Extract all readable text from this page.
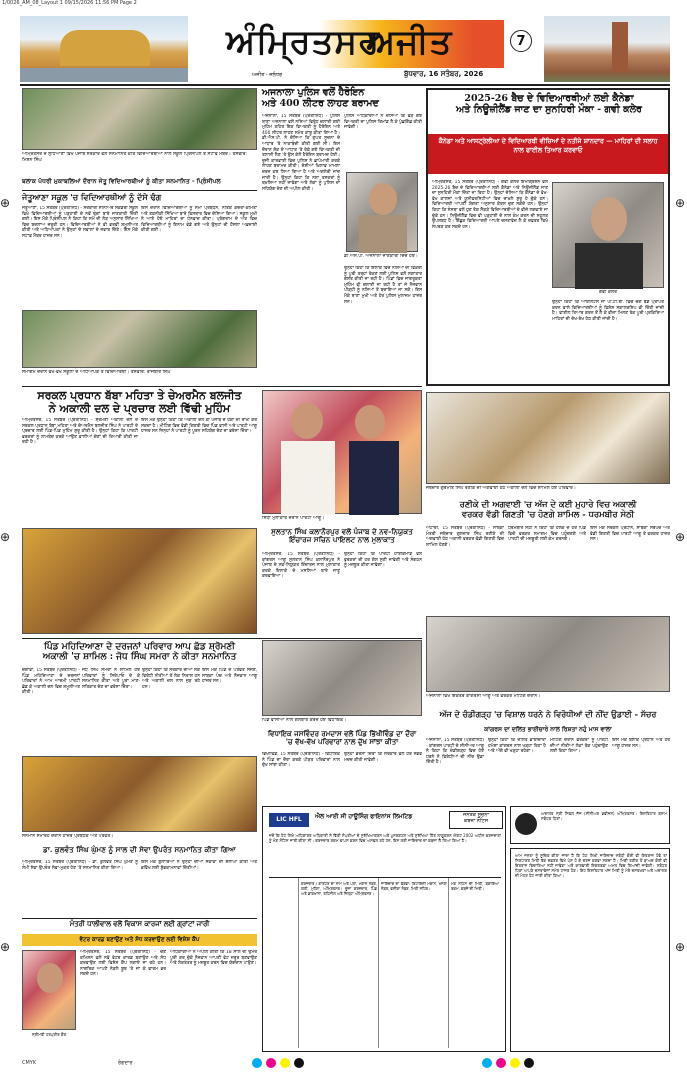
1/0026_AM_08_Layout 1 09/15/2026 11:56 PM Page 2
⊕
⊕
⊕
⊕
⊕
⊕
ਅੰਮ੍ਰਿਤਸਰ
ਅਜੀਤ	7
ਅਜੀਤ - ਜਲੰਧਰ	ਬੁੱਧਵਾਰ, 16 ਸਤੰਬਰ, 2026
ਅੰਮ੍ਰਿਤਸਰ ਦੇ ਲੁਧਿਆਣਾ ਵਿਖੇ ਪੰਜਾਬ ਸਰਕਾਰ ਵਲੋਂ ਸਨਮਾਨਿਤ ਕੀਤੇ ਵਿਦਿਆਰਥੀਆਂ ਨਾਲ ਸਕੂਲ ਪ੍ਰਿੰਸੀਪਲ ਤੇ ਸਟਾਫ ਮੈਂਬਰ। ਤਸਵੀਰ: ਮਿਸ਼ਨ ਸਿੰਘ
ਬਲਾਕ ਪੱਧਰੀ ਮੁਕਾਬਲਿਆਂ ਦੌਰਾਨ ਜੇਤੂ ਵਿਦਿਆਰਥੀਆਂ ਨੂੰ ਕੀਤਾ ਸਨਮਾਨਿਤ - ਪ੍ਰਿੰਸੀਪਲ
ਜੇਤੂਆਣਾ ਸਕੂਲ 'ਚ ਵਿਦਿਆਰਥੀਆਂ ਨੂੰ ਦੱਸੇ ਢੰਗ
ਜੇਤੂਆਣਾ, 15 ਸਤੰਬਰ (ਪ੍ਰਤੀਨਿਧ) - ਸਰਕਾਰੀ ਸੀਨੀਅਰ ਸੈਕੰਡਰੀ ਸਕੂਲ ਵਿਖੇ ਵਿਦਿਆਰਥੀਆਂ ਨੂੰ ਪੜ੍ਹਾਈ ਦੇ ਨਵੇਂ ਢੰਗਾਂ ਬਾਰੇ ਜਾਣਕਾਰੀ ਦਿੱਤੀ ਗਈ। ਇਸ ਮੌਕੇ ਪ੍ਰਿੰਸੀਪਲ ਨੇ ਕਿਹਾ ਕਿ ਸਮੇਂ ਦੀ ਲੋੜ ਅਨੁਸਾਰ ਸਿੱਖਿਆ ਵਿਚ ਬਦਲਾਅ ਜ਼ਰੂਰੀ ਹਨ। ਵਿਦਿਆਰਥੀਆਂ ਨੇ ਵੀ ਭਰਵੀਂ ਸ਼ਮੂਲੀਅਤ ਕੀਤੀ ਅਤੇ ਅਧਿਆਪਕਾਂ ਨੇ ਉਨ੍ਹਾਂ ਦੇ ਸਵਾਲਾਂ ਦੇ ਜਵਾਬ ਦਿੱਤੇ। ਇਸ ਮੌਕੇ ਸਟਾਫ਼ ਮੈਂਬਰ ਹਾਜ਼ਰ ਸਨ।
ਇਸ ਦੌਰਾਨ ਵਿਦਿਆਰਥੀਆਂ ਨੂੰ ਸਮਾਂ ਪ੍ਰਬੰਧਨ, ਨੈਤਿਕ ਕਦਰਾਂ-ਕੀਮਤਾਂ ਅਤੇ ਤਕਨੀਕੀ ਸਿੱਖਿਆ ਬਾਰੇ ਵਿਸਥਾਰ ਵਿਚ ਦੱਸਿਆ ਗਿਆ। ਸਕੂਲ ਮੁਖੀ ਨੇ ਆਏ ਹੋਏ ਮਾਹਿਰਾਂ ਦਾ ਧੰਨਵਾਦ ਕੀਤਾ। ਪ੍ਰੋਗਰਾਮ ਦੇ ਅੰਤ ਵਿਚ ਵਿਦਿਆਰਥੀਆਂ ਨੂੰ ਇਨਾਮ ਵੰਡੇ ਗਏ ਅਤੇ ਉਨ੍ਹਾਂ ਦੀ ਹੌਸਲਾ ਅਫ਼ਜ਼ਾਈ ਕੀਤੀ ਗਈ।
ਸਮਾਗਮ ਦੌਰਾਨ ਵੱਖ-ਵੱਖ ਸਕੂਲਾਂ ਦੇ ਅਧਿਆਪਕ ਤੇ ਵਿਦਿਆਰਥੀ। ਤਸਵੀਰ: ਰਾਜਬੀਰ ਸਿੰਘ
ਅਜਨਾਲਾ ਪੁਲਿਸ ਵਲੋਂ ਹੈਰੋਇਨ
ਅਤੇ 400 ਲੀਟਰ ਲਾਹਣ ਬਰਾਮਦ
ਅਜਨਾਲਾ, 15 ਸਤੰਬਰ (ਪ੍ਰਤੀਨਿਧ) - ਪੁਲਿਸ ਥਾਣਾ ਅਜਨਾਲਾ ਵਲੋਂ ਨਸ਼ਿਆਂ ਵਿਰੁੱਧ ਚਲਾਈ ਗਈ ਮੁਹਿੰਮ ਤਹਿਤ ਇਕ ਵਿਅਕਤੀ ਨੂੰ ਹੈਰੋਇਨ ਅਤੇ 400 ਲੀਟਰ ਲਾਹਣ ਸਮੇਤ ਕਾਬੂ ਕੀਤਾ ਗਿਆ ਹੈ। ਡੀ.ਐਸ.ਪੀ. ਨੇ ਦੱਸਿਆ ਕਿ ਗੁਪਤ ਸੂਚਨਾ ਦੇ ਆਧਾਰ 'ਤੇ ਨਾਕਾਬੰਦੀ ਕੀਤੀ ਗਈ ਸੀ। ਇਸ ਦੌਰਾਨ ਸ਼ੱਕ ਦੇ ਆਧਾਰ 'ਤੇ ਰੋਕੇ ਗਏ ਵਿਅਕਤੀ ਦੀ ਤਲਾਸ਼ੀ ਲੈਣ 'ਤੇ ਉਸ ਕੋਲੋਂ ਹੈਰੋਇਨ ਬਰਾਮਦ ਹੋਈ। ਦੂਜੀ ਕਾਰਵਾਈ ਵਿਚ ਪੁਲਿਸ ਨੇ ਛਾਪੇਮਾਰੀ ਕਰਕੇ ਲਾਹਣ ਬਰਾਮਦ ਕੀਤੀ। ਦੋਸ਼ੀਆਂ ਖ਼ਿਲਾਫ਼ ਮਾਮਲਾ ਦਰਜ ਕਰ ਲਿਆ ਗਿਆ ਹੈ ਅਤੇ ਅਗਲੇਰੀ ਜਾਂਚ ਜਾਰੀ ਹੈ। ਉਨ੍ਹਾਂ ਕਿਹਾ ਕਿ ਨਸ਼ਾ ਤਸਕਰਾਂ ਨੂੰ ਬਖ਼ਸ਼ਿਆ ਨਹੀਂ ਜਾਵੇਗਾ ਅਤੇ ਲੋਕਾਂ ਨੂੰ ਪੁਲਿਸ ਦਾ ਸਹਿਯੋਗ ਦੇਣ ਦੀ ਅਪੀਲ ਕੀਤੀ।
ਪੁਲਿਸ ਅਧਿਕਾਰੀਆਂ ਨੇ ਦੱਸਿਆ ਕਿ ਫੜੇ ਗਏ ਵਿਅਕਤੀ ਦਾ ਪੁਲਿਸ ਰਿਮਾਂਡ ਲੈ ਕੇ ਪੁੱਛਗਿੱਛ ਕੀਤੀ ਜਾਵੇਗੀ।
ਡੀ.ਐਸ.ਪੀ. ਅਜਨਾਲਾ ਜਾਣਕਾਰੀ ਦਿੰਦੇ ਹੋਏ।
ਉਨ੍ਹਾਂ ਕਿਹਾ ਕਿ ਇਲਾਕੇ ਵਿਚ ਨਸ਼ਿਆਂ ਦੀ ਵਿਕਰੀ ਨੂੰ ਪੂਰੀ ਤਰ੍ਹਾਂ ਰੋਕਣ ਲਈ ਪੁਲਿਸ ਵਲੋਂ ਲਗਾਤਾਰ ਗਸ਼ਤ ਕੀਤੀ ਜਾ ਰਹੀ ਹੈ। ਪਿੰਡਾਂ ਵਿਚ ਜਾਗਰੂਕਤਾ ਮੁਹਿੰਮ ਵੀ ਚਲਾਈ ਜਾ ਰਹੀ ਹੈ ਤਾਂ ਜੋ ਨੌਜਵਾਨ ਪੀੜ੍ਹੀ ਨੂੰ ਨਸ਼ਿਆਂ ਤੋਂ ਬਚਾਇਆ ਜਾ ਸਕੇ। ਇਸ ਮੌਕੇ ਥਾਣਾ ਮੁਖੀ ਅਤੇ ਹੋਰ ਪੁਲਿਸ ਮੁਲਾਜ਼ਮ ਹਾਜ਼ਰ ਸਨ।
2025-26 ਬੈਚ ਦੇ ਵਿਦਿਆਰਥੀਆਂ ਲਈ ਕੈਨੇਡਾ
ਅਤੇ ਨਿਊਜ਼ੀਲੈਂਡ ਜਾਣ ਦਾ ਸੁਨਹਿਰੀ ਮੌਕਾ - ਗਵੀ ਕਲੇਰ
ਕੈਨੇਡਾ ਅਤੇ ਆਸਟ੍ਰੇਲੀਆ ਦੇ ਵਿਦਿਆਰਥੀ ਵੀਜ਼ਿਆਂ ਦੇ ਨਤੀਜੇ ਸ਼ਾਨਦਾਰ — ਮਾਹਿਰਾਂ ਦੀ ਸਲਾਹ ਨਾਲ ਫਾਈਲ ਤਿਆਰ ਕਰਵਾਓ
ਅੰਮ੍ਰਿਤਸਰ, 15 ਸਤੰਬਰ (ਪ੍ਰਤੀਨਿਧ) - ਗਵੀ ਕਲੇਰ ਇਮੀਗ੍ਰੇਸ਼ਨ ਵਲੋਂ 2025-26 ਬੈਚ ਦੇ ਵਿਦਿਆਰਥੀਆਂ ਲਈ ਕੈਨੇਡਾ ਅਤੇ ਨਿਊਜ਼ੀਲੈਂਡ ਜਾਣ ਦਾ ਸੁਨਹਿਰੀ ਮੌਕਾ ਦਿੱਤਾ ਜਾ ਰਿਹਾ ਹੈ। ਉਨ੍ਹਾਂ ਦੱਸਿਆ ਕਿ ਕੈਨੇਡਾ ਦੇ ਵੱਖ-ਵੱਖ ਕਾਲਜਾਂ ਅਤੇ ਯੂਨੀਵਰਸਿਟੀਆਂ ਵਿਚ ਦਾਖ਼ਲੇ ਸ਼ੁਰੂ ਹੋ ਚੁੱਕੇ ਹਨ। ਵਿਦਿਆਰਥੀ ਆਪਣੀ ਯੋਗਤਾ ਅਨੁਸਾਰ ਕੋਰਸ ਚੁਣ ਸਕਦੇ ਹਨ। ਉਨ੍ਹਾਂ ਕਿਹਾ ਕਿ ਸੰਸਥਾ ਵਲੋਂ ਹੁਣ ਤੱਕ ਸੈਂਕੜੇ ਵਿਦਿਆਰਥੀਆਂ ਦੇ ਵੀਜ਼ੇ ਲਗਵਾਏ ਜਾ ਚੁੱਕੇ ਹਨ। ਨਿਊਜ਼ੀਲੈਂਡ ਵਿਚ ਵੀ ਪੜ੍ਹਾਈ ਦੇ ਨਾਲ ਕੰਮ ਕਰਨ ਦੀ ਸਹੂਲਤ ਉਪਲਬਧ ਹੈ। ਇੱਛੁਕ ਵਿਦਿਆਰਥੀ ਆਪਣੇ ਦਸਤਾਵੇਜ਼ ਲੈ ਕੇ ਦਫ਼ਤਰ ਵਿਖੇ ਸੰਪਰਕ ਕਰ ਸਕਦੇ ਹਨ।
ਗਵੀ ਕਲੇਰ
ਉਨ੍ਹਾਂ ਕਿਹਾ ਕਿ ਆਈਲੈਟਸ ਜਾਂ ਪੀ.ਟੀ.ਈ. ਵਿਚ ਚੰਗੇ ਬੈਂਡ ਪ੍ਰਾਪਤ ਕਰਨ ਵਾਲੇ ਵਿਦਿਆਰਥੀਆਂ ਨੂੰ ਵਿਸ਼ੇਸ਼ ਸਕਾਲਰਸ਼ਿਪ ਵੀ ਦਿੱਤੀ ਜਾਂਦੀ ਹੈ। ਫਾਈਲ ਤਿਆਰ ਕਰਨ ਤੋਂ ਲੈ ਕੇ ਵੀਜ਼ਾ ਮਿਲਣ ਤੱਕ ਪੂਰੀ ਪ੍ਰਕਿਰਿਆ ਮਾਹਿਰਾਂ ਦੀ ਦੇਖ-ਰੇਖ ਹੇਠ ਕੀਤੀ ਜਾਂਦੀ ਹੈ।
ਸਰਕਲ ਪ੍ਰਧਾਨ ਬੱਬਾ ਮਹਿਤਾ ਤੇ ਚੇਅਰਮੈਨ ਬਲਜੀਤ
ਨੇ ਅਕਾਲੀ ਦਲ ਦੇ ਪ੍ਰਚਾਰ ਲਈ ਵਿੱਢੀ ਮੁਹਿੰਮ
ਅੰਮ੍ਰਿਤਸਰ, 15 ਸਤੰਬਰ (ਪ੍ਰਤੀਨਿਧ) - ਸ਼੍ਰੋਮਣੀ ਅਕਾਲੀ ਦਲ ਦੇ ਸਰਕਲ ਪ੍ਰਧਾਨ ਬੱਬਾ ਮਹਿਤਾ ਅਤੇ ਚੇਅਰਮੈਨ ਬਲਜੀਤ ਸਿੰਘ ਨੇ ਪਾਰਟੀ ਦੇ ਪ੍ਰਚਾਰ ਲਈ ਪਿੰਡ-ਪਿੰਡ ਮੁਹਿੰਮ ਸ਼ੁਰੂ ਕੀਤੀ ਹੈ। ਉਨ੍ਹਾਂ ਕਿਹਾ ਕਿ ਪਾਰਟੀ ਵਰਕਰਾਂ ਨੂੰ ਲਾਮਬੰਦ ਕਰਕੇ ਆਉਣ ਵਾਲੀਆਂ ਚੋਣਾਂ ਦੀ ਤਿਆਰੀ ਕੀਤੀ ਜਾ ਰਹੀ ਹੈ।
ਇਸ ਮੌਕੇ ਉਨ੍ਹਾਂ ਕਿਹਾ ਕਿ ਅਕਾਲੀ ਦਲ ਹੀ ਪੰਜਾਬ ਦੇ ਹੱਕਾਂ ਦੀ ਰਾਖੀ ਕਰ ਸਕਦਾ ਹੈ। ਮੀਟਿੰਗ ਵਿਚ ਵੱਡੀ ਗਿਣਤੀ ਵਿਚ ਪਿੰਡ ਵਾਸੀ ਅਤੇ ਪਾਰਟੀ ਆਗੂ ਹਾਜ਼ਰ ਸਨ ਜਿਨ੍ਹਾਂ ਨੇ ਪਾਰਟੀ ਨੂੰ ਪੂਰਨ ਸਹਿਯੋਗ ਦੇਣ ਦਾ ਭਰੋਸਾ ਦਿੱਤਾ।
ਸਿੱਧੀ ਮੁਲਾਕਾਤ ਦੌਰਾਨ ਪਾਰਟੀ ਆਗੂ।
ਸੁਲਤਾਨ ਸਿੰਘ ਕਲਾਨੌਰਪੁਰ ਵਲੋਂ ਪੰਜਾਬ ਦੇ ਨਵ-ਨਿਯੁਕਤ
ਇੰਚਾਰਜ ਸਚਿਨ ਪਾਇਲਟ ਨਾਲ ਮੁਲਾਕਾਤ
ਅੰਮ੍ਰਿਤਸਰ, 15 ਸਤੰਬਰ (ਪ੍ਰਤੀਨਿਧ) - ਕਾਂਗਰਸ ਆਗੂ ਸੁਲਤਾਨ ਸਿੰਘ ਕਲਾਨੌਰਪੁਰ ਨੇ ਪੰਜਾਬ ਦੇ ਨਵ-ਨਿਯੁਕਤ ਇੰਚਾਰਜ ਨਾਲ ਮੁਲਾਕਾਤ ਕਰਕੇ ਇਲਾਕੇ ਦੇ ਮਸਲਿਆਂ ਬਾਰੇ ਜਾਣੂ ਕਰਵਾਇਆ।
ਉਨ੍ਹਾਂ ਕਿਹਾ ਕਿ ਪਾਰਟੀ ਹਾਈਕਮਾਂਡ ਵਲੋਂ ਵਰਕਰਾਂ ਦੀ ਹਰ ਗੱਲ ਸੁਣੀ ਜਾਵੇਗੀ ਅਤੇ ਸੰਗਠਨ ਨੂੰ ਮਜ਼ਬੂਤ ਕੀਤਾ ਜਾਵੇਗਾ।
ਜਥੇਦਾਰ ਗੁਰਮੀਤ ਸਿੰਘ ਰਣੀਕੇ ਦੀ ਅਗਵਾਈ ਹੇਠ ਅਕਾਲੀ ਦਲ ਵਿਚ ਸ਼ਾਮਿਲ ਹੋਏ ਪਰਿਵਾਰ।
ਰਣੀਕੇ ਦੀ ਅਗਵਾਈ 'ਚ ਅੱਜ ਦੇ ਕਈ ਮੁਹਾਰੇ ਵਿਚ ਅਕਾਲੀ
ਵਰਕਰ ਵੱਡੀ ਗਿਣਤੀ 'ਚ ਹੋਣਗੇ ਸ਼ਾਮਿਲ - ਧਰਮਬੀਰ ਸੇਠੀ
ਅਟਾਰੀ, 15 ਸਤੰਬਰ (ਪ੍ਰਤੀਨਿਧ) - ਸਾਬਕਾ ਮੰਤਰੀ ਜਥੇਦਾਰ ਗੁਲਜ਼ਾਰ ਸਿੰਘ ਰਣੀਕੇ ਦੀ ਅਗਵਾਈ ਹੇਠ ਅਕਾਲੀ ਵਰਕਰ ਵੱਡੀ ਗਿਣਤੀ ਵਿਚ ਸ਼ਾਮਿਲ ਹੋਣਗੇ।
ਧਰਮਬੀਰ ਸੇਠੀ ਨੇ ਕਿਹਾ ਕਿ ਹਲਕੇ ਦੇ ਹਰ ਪਿੰਡ ਵਿਚੋਂ ਵਰਕਰ ਸਮਾਗਮ ਵਿਚ ਪਹੁੰਚਣਗੇ ਅਤੇ ਪਾਰਟੀ ਦੀ ਮਜ਼ਬੂਤੀ ਲਈ ਕੰਮ ਕਰਨਗੇ।
ਇਸ ਮੌਕੇ ਸਰਕਲ ਪ੍ਰਧਾਨ, ਸਾਬਕਾ ਸਰਪੰਚ ਅਤੇ ਵੱਡੀ ਗਿਣਤੀ ਵਿਚ ਪਾਰਟੀ ਆਗੂ ਤੇ ਵਰਕਰ ਹਾਜ਼ਰ ਸਨ।
ਪਿੰਡ ਮਹਿਦਿਆਣਾ ਦੇ ਦਰਜਨਾਂ ਪਰਿਵਾਰ ਆਪ ਛੱਡ ਸ਼੍ਰੋਮਣੀ
ਅਕਾਲੀ 'ਚ ਸ਼ਾਮਿਲ : ਜੋਧ ਸਿੰਘ ਸਮਰਾ ਨੇ ਕੀਤਾ ਸਨਮਾਨਿਤ
ਚੋਗਾਵਾਂ, 15 ਸਤੰਬਰ (ਪ੍ਰਤੀਨਿਧ) - ਪਿੰਡ ਮਹਿਦਿਆਣਾ ਦੇ ਦਰਜਨਾਂ ਪਰਿਵਾਰਾਂ ਨੇ ਆਮ ਆਦਮੀ ਪਾਰਟੀ ਛੱਡ ਕੇ ਅਕਾਲੀ ਦਲ ਵਿਚ ਸ਼ਮੂਲੀਅਤ ਕੀਤੀ।
ਜੋਧ ਸਿੰਘ ਸਮਰਾ ਨੇ ਸ਼ਾਮਿਲ ਹੋਏ ਪਰਿਵਾਰਾਂ ਨੂੰ ਸਿਰੋਪਾਓ ਦੇ ਕੇ ਸਨਮਾਨਿਤ ਕੀਤਾ ਅਤੇ ਪੂਰਾ ਮਾਣ-ਸਤਿਕਾਰ ਦੇਣ ਦਾ ਭਰੋਸਾ ਦਿੱਤਾ।
ਉਨ੍ਹਾਂ ਕਿਹਾ ਕਿ ਸਰਕਾਰ ਦੀਆਂ ਲੋਕ ਵਿਰੋਧੀ ਨੀਤੀਆਂ ਤੋਂ ਲੋਕ ਨਿਰਾਸ਼ ਹਨ ਅਤੇ ਅਕਾਲੀ ਦਲ ਨਾਲ ਜੁੜ ਰਹੇ ਹਨ।
ਇਸ ਮੌਕੇ ਪਿੰਡ ਦੇ ਪਤਵੰਤੇ ਸੱਜਣ, ਸਾਬਕਾ ਪੰਚ ਅਤੇ ਨੌਜਵਾਨ ਆਗੂ ਹਾਜ਼ਰ ਸਨ।
ਪਿੰਡ ਵਾਸੀਆਂ ਨਾਲ ਗੱਲਬਾਤ ਕਰਦੇ ਹੋਏ ਵਿਧਾਇਕ।
ਵਿਧਾਇਕ ਜਸਵਿੰਦਰ ਰਮਦਾਸ ਵਲੋਂ ਪਿੰਡ ਭਿੱਖੀਵਿੰਡ ਦਾ ਦੌਰਾ
'ਚ ਵੱਖ-ਵੱਖ ਪਰਿਵਾਰਾਂ ਨਾਲ ਦੁੱਖ ਸਾਂਝਾ ਕੀਤਾ
ਭਿੱਖੀਵਿੰਡ, 15 ਸਤੰਬਰ (ਪ੍ਰਤੀਨਿਧ) - ਵਿਧਾਇਕ ਨੇ ਪਿੰਡ ਦਾ ਦੌਰਾ ਕਰਕੇ ਪੀੜਤ ਪਰਿਵਾਰਾਂ ਨਾਲ ਦੁੱਖ ਸਾਂਝਾ ਕੀਤਾ।
ਉਨ੍ਹਾਂ ਭਰੋਸਾ ਦਿੱਤਾ ਕਿ ਸਰਕਾਰ ਵਲੋਂ ਹਰ ਸੰਭਵ ਮਦਦ ਕੀਤੀ ਜਾਵੇਗੀ।
ਅਜਨਾਲਾ ਵਿਖੇ ਇਕੱਤਰ ਕਾਂਗਰਸੀ ਆਗੂ ਅਤੇ ਵਰਕਰ ਮੀਟਿੰਗ ਦੌਰਾਨ।
ਅੱਜ ਦੇ ਚੰਡੀਗੜ੍ਹ 'ਚ ਵਿਸ਼ਾਲ ਧਰਨੇ ਨੇ ਵਿਰੋਧੀਆਂ ਦੀ ਨੀਂਦ ਉਡਾਈ - ਸੱਚਰ
ਕਾਂਗਰਸ ਦਾ ਦਲਿਤ ਭਾਈਚਾਰੇ ਨਾਲ ਰਿਸ਼ਤਾ ਨਹੁੰ ਮਾਸ ਵਾਲਾ
ਅਜਨਾਲਾ, 15 ਸਤੰਬਰ (ਪ੍ਰਤੀਨਿਧ) - ਕਾਂਗਰਸ ਪਾਰਟੀ ਦੇ ਸੀਨੀਅਰ ਆਗੂ ਨੇ ਕਿਹਾ ਕਿ ਚੰਡੀਗੜ੍ਹ ਵਿਚ ਹੋਏ ਧਰਨੇ ਨੇ ਵਿਰੋਧੀਆਂ ਦੀ ਨੀਂਦ ਉਡਾ ਦਿੱਤੀ ਹੈ।
ਉਨ੍ਹਾਂ ਕਿਹਾ ਕਿ ਦਲਿਤ ਭਾਈਚਾਰਾ ਹਮੇਸ਼ਾ ਕਾਂਗਰਸ ਨਾਲ ਖੜ੍ਹਾ ਰਿਹਾ ਹੈ ਅਤੇ ਅੱਗੇ ਵੀ ਖੜ੍ਹਾ ਰਹੇਗਾ।
ਮੀਟਿੰਗ ਦੌਰਾਨ ਵਰਕਰਾਂ ਨੂੰ ਪਾਰਟੀ ਦੀਆਂ ਨੀਤੀਆਂ ਲੋਕਾਂ ਤੱਕ ਪਹੁੰਚਾਉਣ ਲਈ ਕਿਹਾ ਗਿਆ।
ਇਸ ਮੌਕੇ ਬਲਾਕ ਪ੍ਰਧਾਨ ਅਤੇ ਹੋਰ ਆਗੂ ਹਾਜ਼ਰ ਸਨ।
ਸਨਮਾਨ ਸਮਾਰੋਹ ਦੌਰਾਨ ਹਾਜ਼ਰ ਪ੍ਰਬੰਧਕ ਅਤੇ ਪਤਵੰਤੇ।
ਡਾ. ਕੁਲਵੰਤ ਸਿੰਘ ਘੁੰਮਣ ਨੂੰ ਸਾਲ ਦੀ ਸੇਵਾ ਉਪਰੰਤ ਸਨਮਾਨਿਤ ਕੀਤਾ ਗਿਆ
ਅੰਮ੍ਰਿਤਸਰ, 15 ਸਤੰਬਰ (ਪ੍ਰਤੀਨਿਧ) - ਡਾ. ਕੁਲਵੰਤ ਸਿੰਘ ਘੁੰਮਣ ਨੂੰ ਲੰਮੀ ਸੇਵਾ ਉਪਰੰਤ ਸੇਵਾ-ਮੁਕਤ ਹੋਣ 'ਤੇ ਸਨਮਾਨਿਤ ਕੀਤਾ ਗਿਆ।
ਇਸ ਮੌਕੇ ਬੁਲਾਰਿਆਂ ਨੇ ਉਨ੍ਹਾਂ ਦੀਆਂ ਸੇਵਾਵਾਂ ਦੀ ਸ਼ਲਾਘਾ ਕੀਤੀ ਅਤੇ ਭਵਿੱਖ ਲਈ ਸ਼ੁੱਭਕਾਮਨਾਵਾਂ ਦਿੱਤੀਆਂ।
ਮੰਤਰੀ ਧਾਲੀਵਾਲ ਵਲੋਂ ਵਿਕਾਸ ਕਾਰਜਾਂ ਲਈ ਗ੍ਰਾਂਟਾਂ ਜਾਰੀ
ਵੋਟਰ ਕਾਰਡ ਬਣਾਉਣ ਅਤੇ ਸੋਧ ਕਰਵਾਉਣ ਲਈ ਵਿਸ਼ੇਸ਼ ਕੈਂਪ
ਸ੍ਰੀਮਤੀ ਹਰਪ੍ਰੀਤ ਕੌਰ
ਅੰਮ੍ਰਿਤਸਰ, 15 ਸਤੰਬਰ (ਪ੍ਰਤੀਨਿਧ) - ਚੋਣ ਕਮਿਸ਼ਨ ਵਲੋਂ ਨਵੇਂ ਵੋਟਰ ਕਾਰਡ ਬਣਾਉਣ ਅਤੇ ਸੋਧ ਕਰਵਾਉਣ ਲਈ ਵਿਸ਼ੇਸ਼ ਕੈਂਪ ਲਗਾਏ ਜਾ ਰਹੇ ਹਨ। ਨਾਗਰਿਕ ਆਪਣੇ ਨੇੜਲੇ ਬੂਥ 'ਤੇ ਜਾ ਕੇ ਫਾਰਮ ਭਰ ਸਕਦੇ ਹਨ।
ਅਧਿਕਾਰੀਆਂ ਨੇ ਅਪੀਲ ਕੀਤੀ ਕਿ 18 ਸਾਲ ਦੀ ਉਮਰ ਪੂਰੀ ਕਰ ਚੁੱਕੇ ਨੌਜਵਾਨ ਆਪਣੀ ਵੋਟ ਜ਼ਰੂਰ ਬਣਵਾਉਣ ਅਤੇ ਲੋਕਤੰਤਰ ਨੂੰ ਮਜ਼ਬੂਤ ਕਰਨ ਵਿਚ ਯੋਗਦਾਨ ਪਾਉਣ।
LIC HFL	ਐਲ ਆਈ ਸੀ ਹਾਊਸਿੰਗ ਫਾਇਨਾਂਸ ਲਿਮਟਿਡ	ਜਨਤਕ ਸੂਚਨਾ
ਕਬਜ਼ਾ ਨੋਟਿਸ
ਜਦੋਂ ਕਿ ਹੇਠ ਲਿਖੇ ਅਧਿਕਾਰਤ ਅਧਿਕਾਰੀ ਨੇ ਵਿੱਤੀ ਸੰਪਤੀਆਂ ਦੇ ਸੁਰੱਖਿਆਕਰਨ ਅਤੇ ਪੁਨਰਗਠਨ ਅਤੇ ਸੁਰੱਖਿਆ ਹਿੱਤ ਲਾਗੂਕਰਨ ਐਕਟ 2002 ਅਧੀਨ ਕਰਜ਼ਦਾਰਾਂ ਨੂੰ ਮੰਗ ਨੋਟਿਸ ਜਾਰੀ ਕੀਤਾ ਸੀ। ਕਰਜ਼ਦਾਰ ਰਕਮ ਵਾਪਸ ਕਰਨ ਵਿਚ ਅਸਫਲ ਰਹੇ ਹਨ, ਇਸ ਲਈ ਜਾਇਦਾਦ ਦਾ ਕਬਜ਼ਾ ਲੈ ਲਿਆ ਗਿਆ ਹੈ।
ਕਰਜ਼ਦਾਰ / ਗਾਰੰਟਰ ਦਾ ਨਾਮ ਅਤੇ ਪਤਾ, ਮਕਾਨ ਨੰਬਰ, ਗਲੀ, ਮੁਹੱਲਾ, ਅੰਮ੍ਰਿਤਸਰ। ਦੂਜਾ ਕਰਜ਼ਦਾਰ, ਪਿੰਡ ਅਤੇ ਡਾਕਖਾਨਾ, ਤਹਿਸੀਲ ਅਤੇ ਜ਼ਿਲ੍ਹਾ ਅੰਮ੍ਰਿਤਸਰ।
ਜਾਇਦਾਦ ਦਾ ਵੇਰਵਾ: ਰਿਹਾਇਸ਼ੀ ਮਕਾਨ, ਖਸਰਾ ਨੰਬਰ, ਵਸੀਕਾ ਨੰਬਰ, ਮਿਤੀ ਸਹਿਤ।
ਮੰਗ ਨੋਟਿਸ ਦੀ ਮਿਤੀ, ਬਕਾਇਆ ਰਕਮ, ਕਬਜ਼ੇ ਦੀ ਮਿਤੀ।
ਅਦਾਲਤ ਸ੍ਰੀ ਸਿਵਲ ਜੱਜ (ਸੀਨੀਅਰ ਡਵੀਜ਼ਨ) ਅੰਮ੍ਰਿਤਸਰ। ਇਸ਼ਤਿਹਾਰ ਬਨਾਮ ਸਬੰਧਤ ਧਿਰਾਂ।
ਆਮ ਜਨਤਾ ਨੂੰ ਸੂਚਿਤ ਕੀਤਾ ਜਾਂਦਾ ਹੈ ਕਿ ਹੇਠ ਲਿਖੀ ਜਾਇਦਾਦ ਸਬੰਧੀ ਕੋਈ ਵੀ ਇਤਰਾਜ਼ ਹੋਵੇ ਤਾਂ ਨਿਰਧਾਰਤ ਮਿਤੀ ਤੱਕ ਦਫ਼ਤਰ ਵਿਖੇ ਪੇਸ਼ ਹੋ ਕੇ ਦਰਜ ਕਰਵਾ ਸਕਦਾ ਹੈ। ਮਿਥੀ ਤਰੀਕ ਤੋਂ ਬਾਅਦ ਕੋਈ ਵੀ ਇਤਰਾਜ਼ ਵਿਚਾਰਿਆ ਨਹੀਂ ਜਾਵੇਗਾ ਅਤੇ ਕਾਰਵਾਈ ਇਕਤਰਫ਼ਾ ਅਮਲ ਵਿਚ ਲਿਆਂਦੀ ਜਾਵੇਗੀ। ਸਬੰਧਤ ਧਿਰਾਂ ਆਪਣੇ ਦਸਤਾਵੇਜ਼ਾਂ ਸਮੇਤ ਹਾਜ਼ਰ ਹੋਣ। ਇਹ ਇਸ਼ਤਿਹਾਰ ਅੱਜ ਮਿਤੀ ਨੂੰ ਮੇਰੇ ਦਸਤਖ਼ਤਾਂ ਅਤੇ ਅਦਾਲਤ ਦੀ ਮੋਹਰ ਹੇਠ ਜਾਰੀ ਕੀਤਾ ਗਿਆ।
CMYK	ਰੰਗਦਾਰ
